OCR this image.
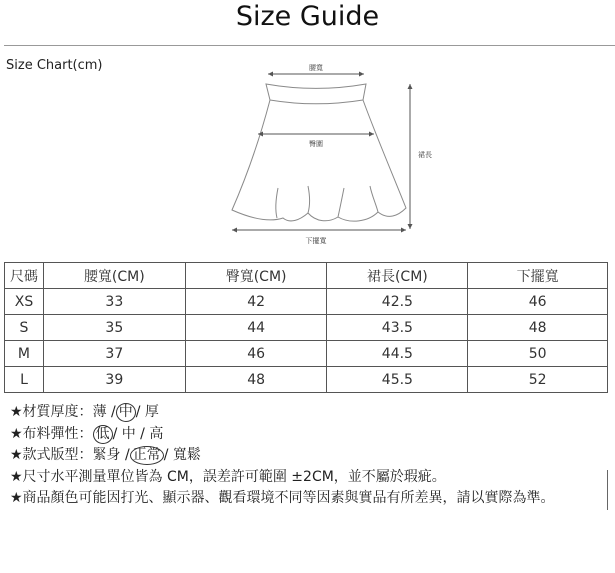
Size Guide
Size Chart(cm)	腰寬
臀圍
裙長
下擺寬
尺碼	腰寬(CM)	臀寬(CM)	裙長(CM)	下擺寬
XS	33	42	42.5	46
S	35	44	43.5	48
M	37	46	44.5	50
L	39	48	45.5	52
★材質厚度：薄 / 中 / 厚
★布料彈性： 低 / 中 / 高
★款式版型：緊身 / 正常 / 寬鬆
★尺寸水平測量單位皆為 CM，誤差許可範圍 ±2CM，並不屬於瑕疵。
★商品顏色可能因打光、顯示器、觀看環境不同等因素與實品有所差異，請以實際為準。
